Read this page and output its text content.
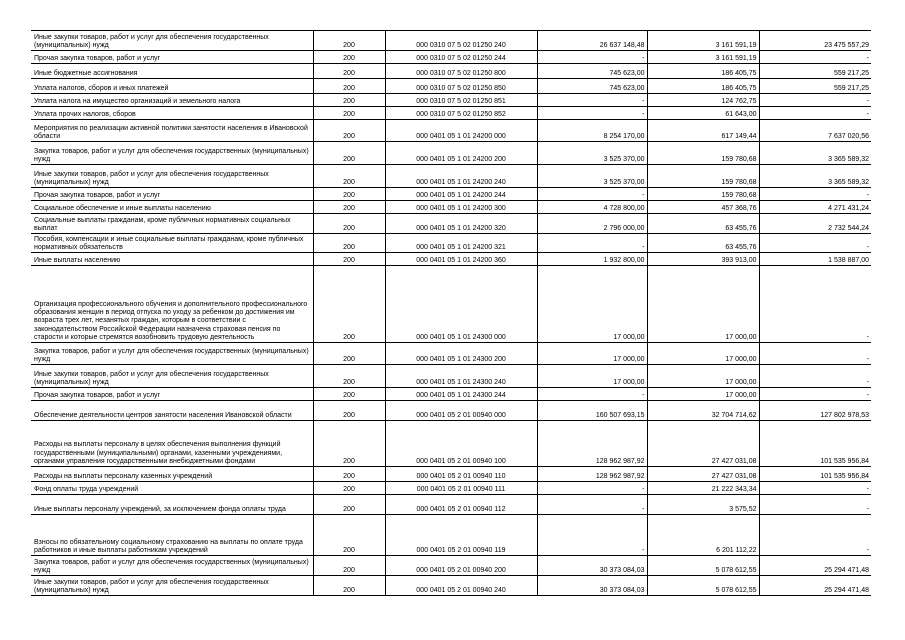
Иные закупки товаров, работ и услуг для обеспечения государственных (муниципальных) нужд	200	000 0310 07 5 02 01250 240	26 637 148,48	3 161 591,19	23 475 557,29
Прочая закупка товаров, работ и услуг	200	000 0310 07 5 02 01250 244	-	3 161 591,19	-
Иные бюджетные ассигнования	200	000 0310 07 5 02 01250 800	745 623,00	186 405,75	559 217,25
Уплата налогов, сборов и иных платежей	200	000 0310 07 5 02 01250 850	745 623,00	186 405,75	559 217,25
Уплата налога на имущество организаций и земельного налога	200	000 0310 07 5 02 01250 851	-	124 762,75	-
Уплата прочих налогов, сборов	200	000 0310 07 5 02 01250 852	-	61 643,00	-
Мероприятия по реализации активной политики занятости населения в Ивановской области	200	000 0401 05 1 01 24200 000	8 254 170,00	617 149,44	7 637 020,56
Закупка товаров, работ и услуг для обеспечения государственных (муниципальных) нужд	200	000 0401 05 1 01 24200 200	3 525 370,00	159 780,68	3 365 589,32
Иные закупки товаров, работ и услуг для обеспечения государственных (муниципальных) нужд	200	000 0401 05 1 01 24200 240	3 525 370,00	159 780,68	3 365 589,32
Прочая закупка товаров, работ и услуг	200	000 0401 05 1 01 24200 244	-	159 780,68	-
Социальное обеспечение и иные выплаты населению	200	000 0401 05 1 01 24200 300	4 728 800,00	457 368,76	4 271 431,24
Социальные выплаты гражданам, кроме публичных нормативных социальных выплат	200	000 0401 05 1 01 24200 320	2 796 000,00	63 455,76	2 732 544,24
Пособия, компенсации и иные социальные выплаты гражданам, кроме публичных нормативных обязательств	200	000 0401 05 1 01 24200 321	-	63 455,76	-
Иные выплаты населению	200	000 0401 05 1 01 24200 360	1 932 800,00	393 913,00	1 538 887,00
Организация профессионального обучения и дополнительного профессионального образования женщин в период отпуска по уходу за ребенком до достижения им возраста трех лет, незанятых граждан, которым в соответствии с законодательством Российской Федерации назначена страховая пенсия по старости и которые стремятся возобновить трудовую деятельность	200	000 0401 05 1 01 24300 000	17 000,00	17 000,00	-
Закупка товаров, работ и услуг для обеспечения государственных (муниципальных) нужд	200	000 0401 05 1 01 24300 200	17 000,00	17 000,00	-
Иные закупки товаров, работ и услуг для обеспечения государственных (муниципальных) нужд	200	000 0401 05 1 01 24300 240	17 000,00	17 000,00	-
Прочая закупка товаров, работ и услуг	200	000 0401 05 1 01 24300 244	-	17 000,00	-
Обеспечение деятельности центров занятости населения Ивановской области	200	000 0401 05 2 01 00940 000	160 507 693,15	32 704 714,62	127 802 978,53
Расходы на выплаты персоналу в целях обеспечения выполнения функций государственными (муниципальными) органами, казенными учреждениями, органами управления государственными внебюджетными фондами	200	000 0401 05 2 01 00940 100	128 962 987,92	27 427 031,08	101 535 956,84
Расходы на выплаты персоналу казенных учреждений	200	000 0401 05 2 01 00940 110	128 962 987,92	27 427 031,08	101 535 956,84
Фонд оплаты труда учреждений	200	000 0401 05 2 01 00940 111	-	21 222 343,34	-
Иные выплаты персоналу учреждений, за исключением фонда оплаты труда	200	000 0401 05 2 01 00940 112	-	3 575,52	-
Взносы по обязательному социальному страхованию на выплаты по оплате труда работников и иные выплаты работникам учреждений	200	000 0401 05 2 01 00940 119	-	6 201 112,22	-
Закупка товаров, работ и услуг для обеспечения государственных (муниципальных) нужд	200	000 0401 05 2 01 00940 200	30 373 084,03	5 078 612,55	25 294 471,48
Иные закупки товаров, работ и услуг для обеспечения государственных (муниципальных) нужд	200	000 0401 05 2 01 00940 240	30 373 084,03	5 078 612,55	25 294 471,48
